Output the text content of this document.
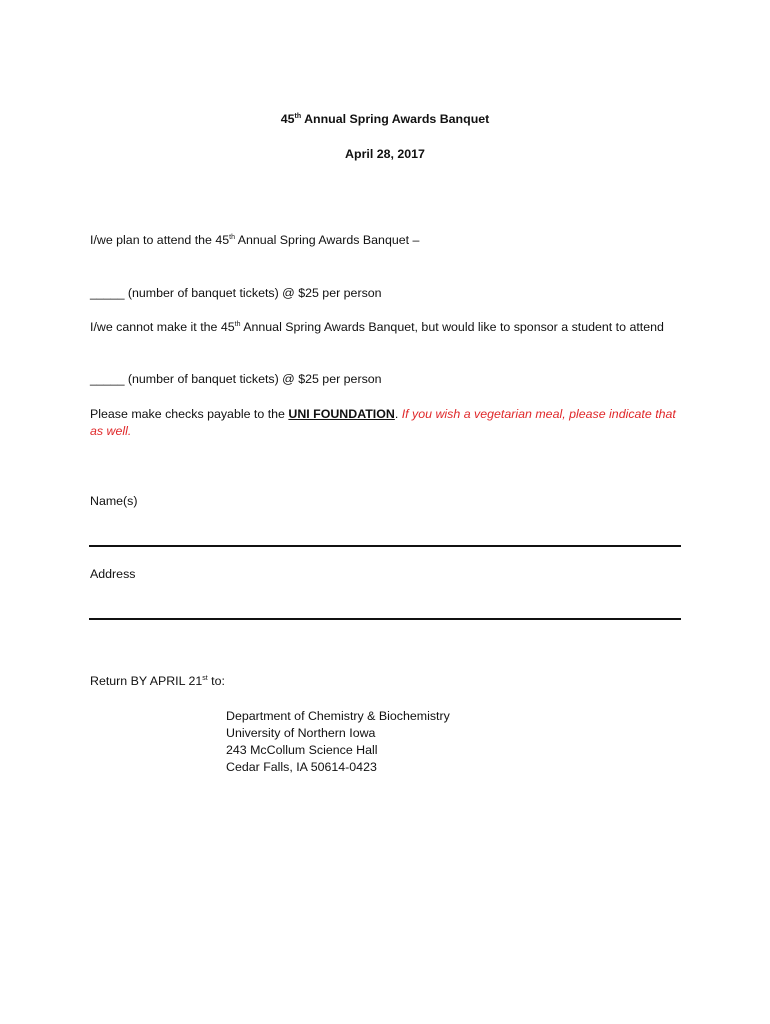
45th Annual Spring Awards Banquet
April 28, 2017
I/we plan to attend the 45th Annual Spring Awards Banquet –
_____ (number of banquet tickets) @ $25 per person
I/we cannot make it the 45th Annual Spring Awards Banquet, but would like to sponsor a student to attend
_____ (number of banquet tickets) @ $25 per person
Please make checks payable to the UNI FOUNDATION. If you wish a vegetarian meal, please indicate that as well.
Name(s)
Address
Return BY APRIL 21st to:
Department of Chemistry & Biochemistry
University of Northern Iowa
243 McCollum Science Hall
Cedar Falls, IA 50614-0423
